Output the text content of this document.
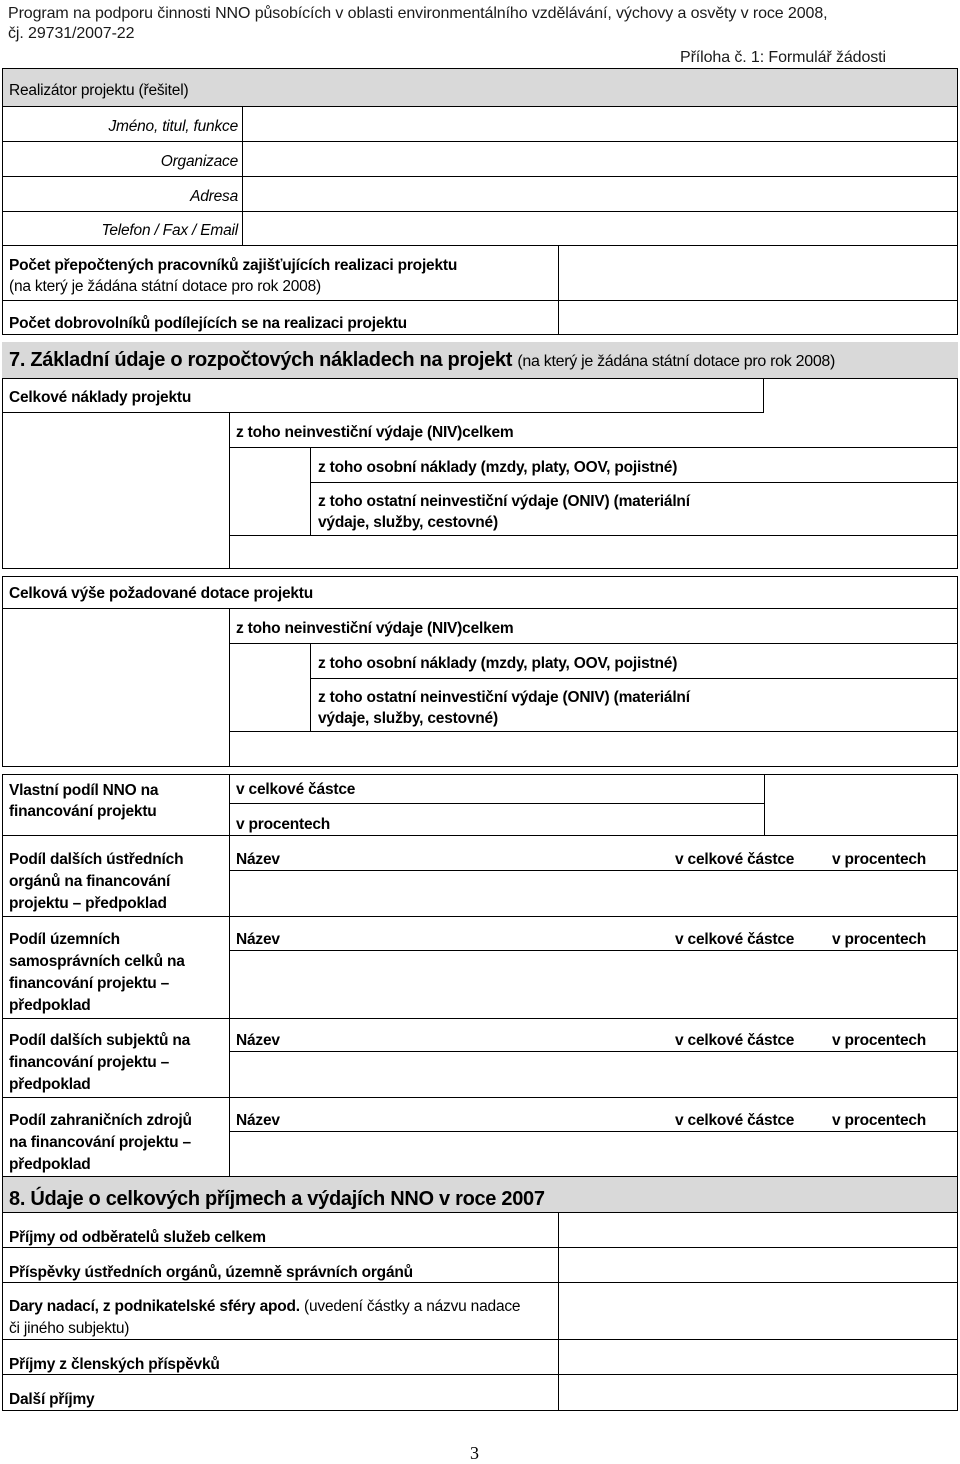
Program na podporu činnosti NNO působících v oblasti environmentálního vzdělávání, výchovy a osvěty v roce 2008,
čj. 29731/2007-22
Příloha č. 1: Formulář žádosti
Realizátor projektu (řešitel)
Jméno, titul, funkce
Organizace
Adresa
Telefon / Fax / Email
Počet přepočtených pracovníků zajišťujících realizaci projektu
(na který je žádána státní dotace pro rok 2008)
Počet dobrovolníků podílejících se na realizaci projektu
7. Základní údaje o rozpočtových nákladech na projekt (na který je žádána státní dotace pro rok 2008)
Celkové náklady projektu
z toho neinvestiční výdaje (NIV)celkem
z toho osobní náklady (mzdy, platy, OOV, pojistné)
z toho ostatní neinvestiční výdaje (ONIV) (materiální
výdaje, služby, cestovné)
Celková výše požadované dotace projektu
z toho neinvestiční výdaje (NIV)celkem
z toho osobní náklady (mzdy, platy, OOV, pojistné)
z toho ostatní neinvestiční výdaje (ONIV) (materiální
výdaje, služby, cestovné)
Vlastní podíl NNO na
financování projektu
v celkové částce
v procentech
Podíl dalších ústředních
orgánů na financování
projektu – předpoklad
Název	v celkové částce v procentech
Podíl územních
samosprávních celků na
financování projektu –
předpoklad
Název	v celkové částce v procentech
Podíl dalších subjektů na
financování projektu –
předpoklad
Název	v celkové částce v procentech
Podíl zahraničních zdrojů
na financování projektu –
předpoklad
Název	v celkové částce v procentech
8. Údaje o celkových příjmech a výdajích NNO v roce 2007
Příjmy od odběratelů služeb celkem
Příspěvky ústředních orgánů, územně správních orgánů
Dary nadací, z podnikatelské sféry apod. (uvedení částky a názvu nadace
či jiného subjektu)
Příjmy z členských příspěvků
Další příjmy
3
